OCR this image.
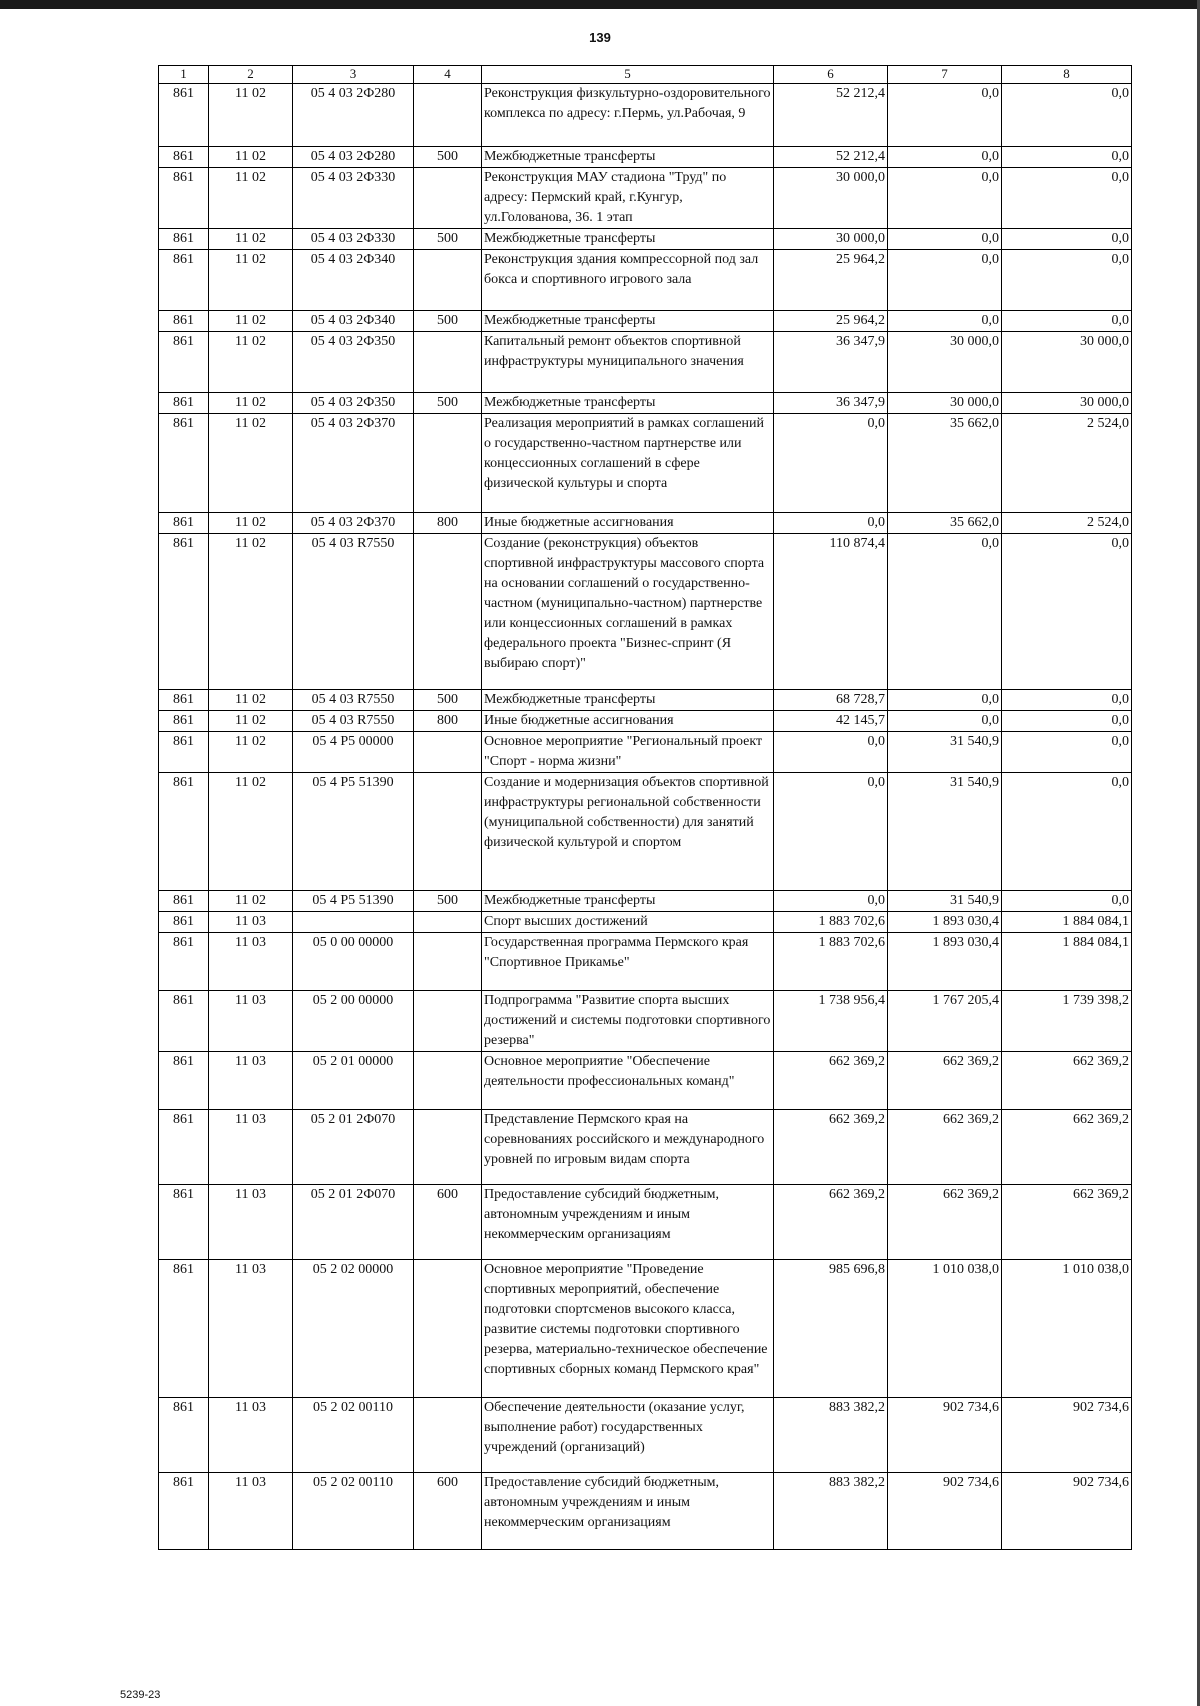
139
1	2	3	4	5	6	7	8
861	11 02	05 4 03 2Ф280		Реконструкция физкультурно-оздоровительного комплекса по адресу: г.Пермь, ул.Рабочая, 9	52 212,4	0,0	0,0
861	11 02	05 4 03 2Ф280	500	Межбюджетные трансферты	52 212,4	0,0	0,0
861	11 02	05 4 03 2Ф330		Реконструкция МАУ стадиона "Труд" по адресу: Пермский край, г.Кунгур, ул.Голованова, 36. 1 этап	30 000,0	0,0	0,0
861	11 02	05 4 03 2Ф330	500	Межбюджетные трансферты	30 000,0	0,0	0,0
861	11 02	05 4 03 2Ф340		Реконструкция здания компрессорной под зал бокса и спортивного игрового зала	25 964,2	0,0	0,0
861	11 02	05 4 03 2Ф340	500	Межбюджетные трансферты	25 964,2	0,0	0,0
861	11 02	05 4 03 2Ф350		Капитальный ремонт объектов спортивной инфраструктуры муниципального значения	36 347,9	30 000,0	30 000,0
861	11 02	05 4 03 2Ф350	500	Межбюджетные трансферты	36 347,9	30 000,0	30 000,0
861	11 02	05 4 03 2Ф370		Реализация мероприятий в рамках соглашений о государственно-частном партнерстве или концессионных соглашений в сфере физической культуры и спорта	0,0	35 662,0	2 524,0
861	11 02	05 4 03 2Ф370	800	Иные бюджетные ассигнования	0,0	35 662,0	2 524,0
861	11 02	05 4 03 R7550		Создание (реконструкция) объектов спортивной инфраструктуры массового спорта на основании соглашений о государственно-частном (муниципально-частном) партнерстве или концессионных соглашений в рамках федерального проекта "Бизнес-спринт (Я выбираю спорт)"	110 874,4	0,0	0,0
861	11 02	05 4 03 R7550	500	Межбюджетные трансферты	68 728,7	0,0	0,0
861	11 02	05 4 03 R7550	800	Иные бюджетные ассигнования	42 145,7	0,0	0,0
861	11 02	05 4 P5 00000		Основное мероприятие "Региональный проект "Спорт - норма жизни"	0,0	31 540,9	0,0
861	11 02	05 4 P5 51390		Создание и модернизация объектов спортивной инфраструктуры региональной собственности (муниципальной собственности) для занятий физической культурой и спортом	0,0	31 540,9	0,0
861	11 02	05 4 P5 51390	500	Межбюджетные трансферты	0,0	31 540,9	0,0
861	11 03			Спорт высших достижений	1 883 702,6	1 893 030,4	1 884 084,1
861	11 03	05 0 00 00000		Государственная программа Пермского края "Спортивное Прикамье"	1 883 702,6	1 893 030,4	1 884 084,1
861	11 03	05 2 00 00000		Подпрограмма "Развитие спорта высших достижений и системы подготовки спортивного резерва"	1 738 956,4	1 767 205,4	1 739 398,2
861	11 03	05 2 01 00000		Основное мероприятие "Обеспечение деятельности профессиональных команд"	662 369,2	662 369,2	662 369,2
861	11 03	05 2 01 2Ф070		Представление Пермского края на соревнованиях российского и международного уровней по игровым видам спорта	662 369,2	662 369,2	662 369,2
861	11 03	05 2 01 2Ф070	600	Предоставление субсидий бюджетным, автономным учреждениям и иным некоммерческим организациям	662 369,2	662 369,2	662 369,2
861	11 03	05 2 02 00000		Основное мероприятие "Проведение спортивных мероприятий, обеспечение подготовки спортсменов высокого класса, развитие системы подготовки спортивного резерва, материально-техническое обеспечение спортивных сборных команд Пермского края"	985 696,8	1 010 038,0	1 010 038,0
861	11 03	05 2 02 00110		Обеспечение деятельности (оказание услуг, выполнение работ) государственных учреждений (организаций)	883 382,2	902 734,6	902 734,6
861	11 03	05 2 02 00110	600	Предоставление субсидий бюджетным, автономным учреждениям и иным некоммерческим организациям	883 382,2	902 734,6	902 734,6
5239-23
